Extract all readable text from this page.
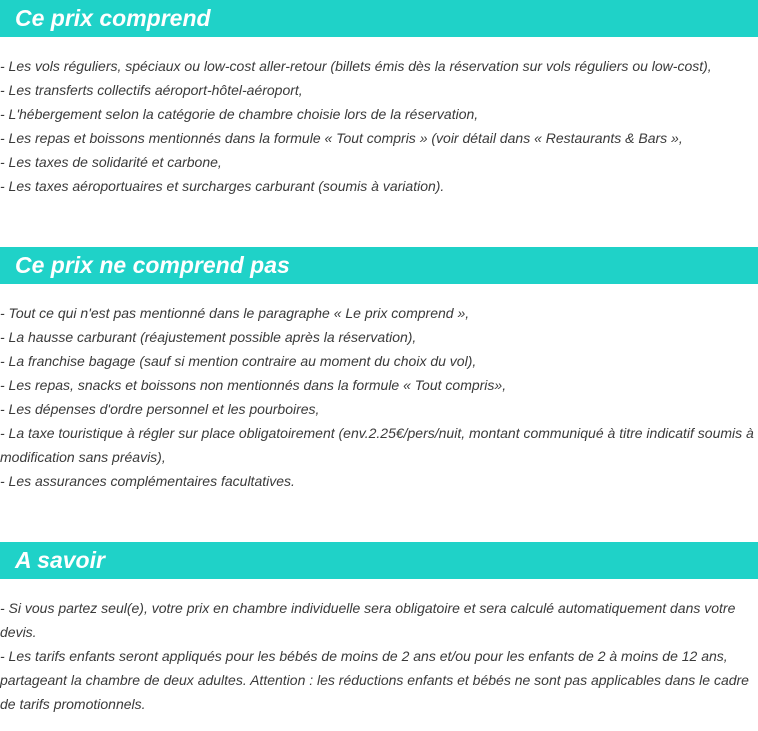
Ce prix comprend
- Les vols réguliers, spéciaux ou low-cost aller-retour (billets émis dès la réservation sur vols réguliers ou low-cost),
- Les transferts collectifs aéroport-hôtel-aéroport,
- L'hébergement selon la catégorie de chambre choisie lors de la réservation,
- Les repas et boissons mentionnés dans la formule « Tout compris » (voir détail dans « Restaurants & Bars »,
- Les taxes de solidarité et carbone,
- Les taxes aéroportuaires et surcharges carburant (soumis à variation).
Ce prix ne comprend pas
- Tout ce qui n'est pas mentionné dans le paragraphe « Le prix comprend »,
- La hausse carburant (réajustement possible après la réservation),
- La franchise bagage (sauf si mention contraire au moment du choix du vol),
- Les repas, snacks et boissons non mentionnés dans la formule « Tout compris»,
- Les dépenses d'ordre personnel et les pourboires,
- La taxe touristique à régler sur place obligatoirement (env.2.25€/pers/nuit, montant communiqué à titre indicatif soumis à modification sans préavis),
- Les assurances complémentaires facultatives.
A savoir
- Si vous partez seul(e), votre prix en chambre individuelle sera obligatoire et sera calculé automatiquement dans votre devis.
- Les tarifs enfants seront appliqués pour les bébés de moins de 2 ans et/ou pour les enfants de 2 à moins de 12 ans, partageant la chambre de deux adultes. Attention : les réductions enfants et bébés ne sont pas applicables dans le cadre de tarifs promotionnels.
